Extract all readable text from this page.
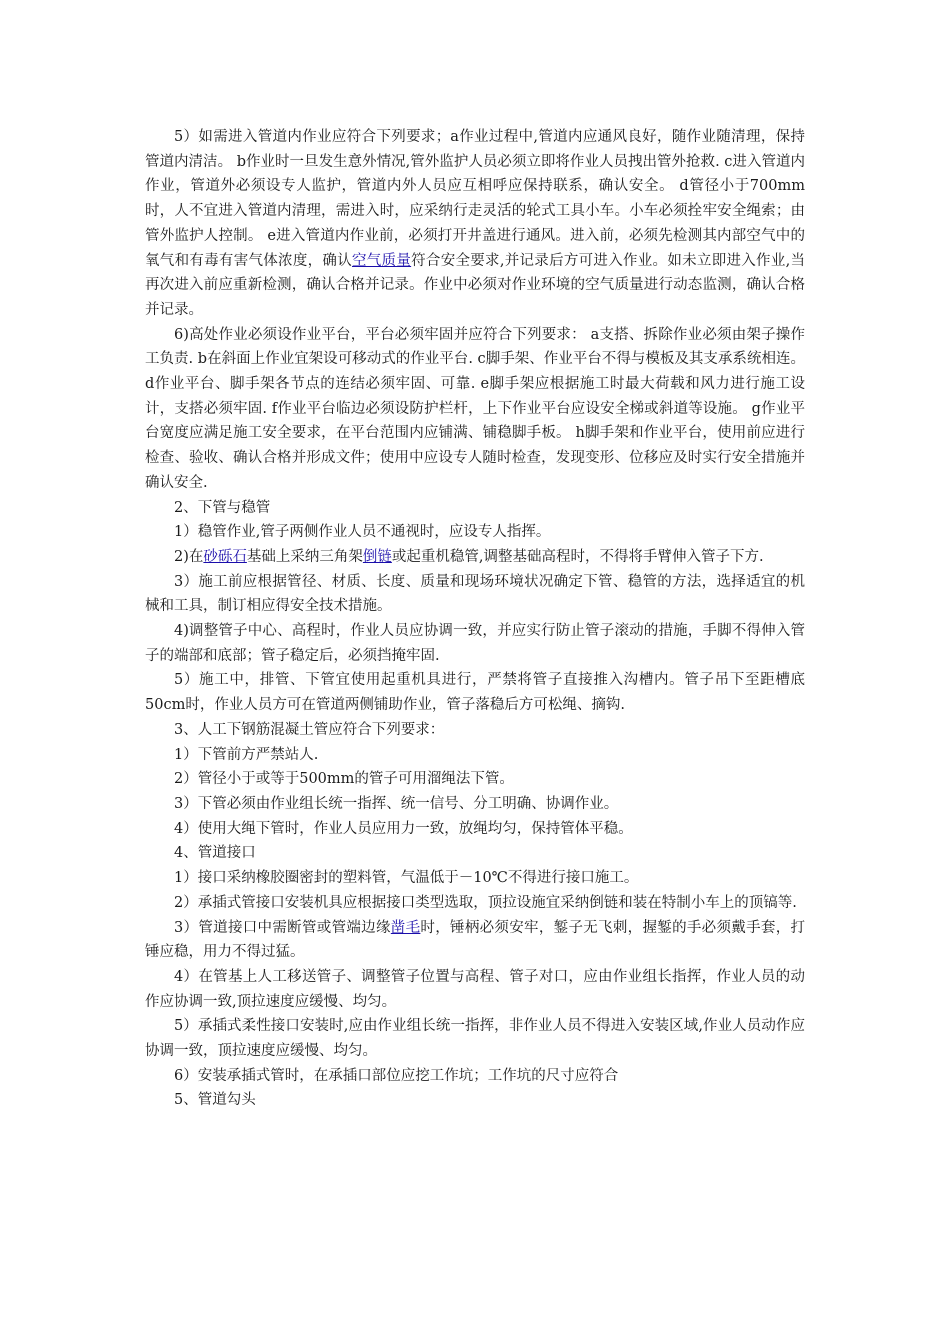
5）如需进入管道内作业应符合下列要求；a作业过程中,管道内应通风良好，随作业随清理，保持管道内清洁。 b作业时一旦发生意外情况,管外监护人员必须立即将作业人员拽出管外抢救. c进入管道内作业，管道外必须设专人监护，管道内外人员应互相呼应保持联系，确认安全。 d管径小于700mm时，人不宜进入管道内清理，需进入时，应采纳行走灵活的轮式工具小车。小车必须拴牢安全绳索；由管外监护人控制。 e进入管道内作业前，必须打开井盖进行通风。进入前，必须先检测其内部空气中的氧气和有毒有害气体浓度，确认空气质量符合安全要求,并记录后方可进入作业。如未立即进入作业,当再次进入前应重新检测，确认合格并记录。作业中必须对作业环境的空气质量进行动态监测，确认合格并记录。

6)高处作业必须设作业平台，平台必须牢固并应符合下列要求： a支搭、拆除作业必须由架子操作工负责. b在斜面上作业宜架设可移动式的作业平台. c脚手架、作业平台不得与模板及其支承系统相连。 d作业平台、脚手架各节点的连结必须牢固、可靠. e脚手架应根据施工时最大荷载和风力进行施工设计，支搭必须牢固. f作业平台临边必须设防护栏杆，上下作业平台应设安全梯或斜道等设施。 g作业平台宽度应满足施工安全要求，在平台范围内应铺满、铺稳脚手板。 h脚手架和作业平台，使用前应进行检查、验收、确认合格并形成文件；使用中应设专人随时检查，发现变形、位移应及时实行安全措施并确认安全.

2、下管与稳管

1）稳管作业,管子两侧作业人员不通视时，应设专人指挥。

2)在砂砾石基础上采纳三角架倒链或起重机稳管,调整基础高程时，不得将手臂伸入管子下方.

3）施工前应根据管径、材质、长度、质量和现场环境状况确定下管、稳管的方法，选择适宜的机械和工具，制订相应得安全技术措施。

4)调整管子中心、高程时，作业人员应协调一致，并应实行防止管子滚动的措施，手脚不得伸入管子的端部和底部；管子稳定后，必须挡掩牢固.

5）施工中，排管、下管宜使用起重机具进行，严禁将管子直接推入沟槽内。管子吊下至距槽底50cm时，作业人员方可在管道两侧铺助作业，管子落稳后方可松绳、摘钩.

3、人工下钢筋混凝土管应符合下列要求：

1）下管前方严禁站人.

2）管径小于或等于500mm的管子可用溜绳法下管。

3）下管必须由作业组长统一指挥、统一信号、分工明确、协调作业。

4）使用大绳下管时，作业人员应用力一致，放绳均匀，保持管体平稳。

4、管道接口

1）接口采纳橡胶圈密封的塑料管，气温低于－10℃不得进行接口施工。

2）承插式管接口安装机具应根据接口类型选取，顶拉设施宜采纳倒链和装在特制小车上的顶镐等.

3）管道接口中需断管或管端边缘凿毛时，锤柄必须安牢，錾子无飞刺，握錾的手必须戴手套，打锤应稳，用力不得过猛。

4）在管基上人工移送管子、调整管子位置与高程、管子对口，应由作业组长指挥，作业人员的动作应协调一致,顶拉速度应缓慢、均匀。

5）承插式柔性接口安装时,应由作业组长统一指挥，非作业人员不得进入安装区域,作业人员动作应协调一致，顶拉速度应缓慢、均匀。

6）安装承插式管时，在承插口部位应挖工作坑；工作坑的尺寸应符合

5、管道勾头
